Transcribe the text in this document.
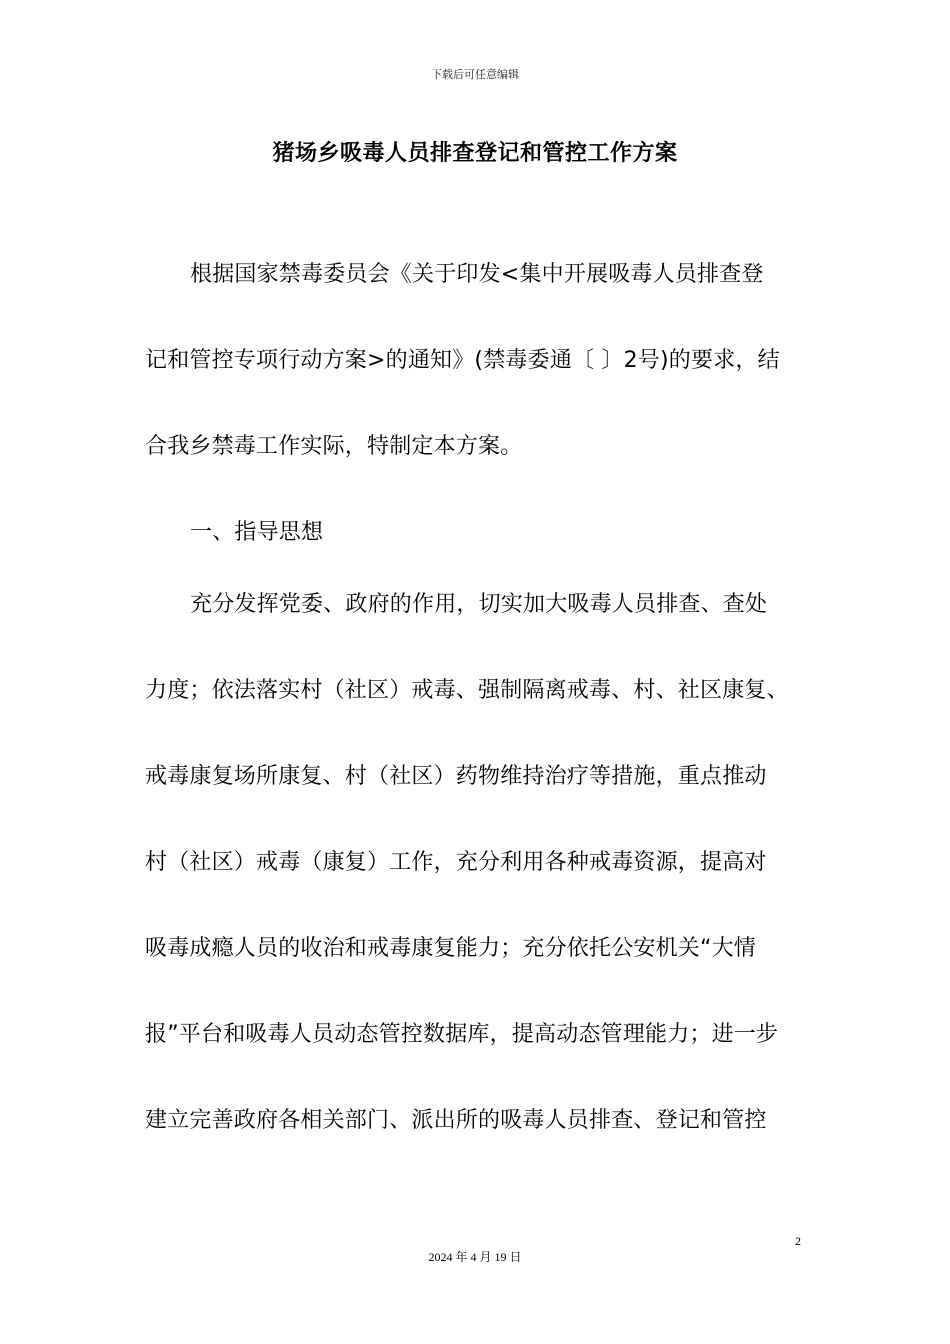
下载后可任意编辑
猪场乡吸毒人员排查登记和管控工作方案
根据国家禁毒委员会《关于印发<集中开展吸毒人员排查登
记和管控专项行动方案>的通知》(禁毒委通〔 〕2号)的要求，结
合我乡禁毒工作实际，特制定本方案。
一、指导思想
充分发挥党委、政府的作用，切实加大吸毒人员排查、查处
力度；依法落实村（社区）戒毒、强制隔离戒毒、村、社区康复、
戒毒康复场所康复、村（社区）药物维持治疗等措施，重点推动
村（社区）戒毒（康复）工作，充分利用各种戒毒资源，提高对
吸毒成瘾人员的收治和戒毒康复能力；充分依托公安机关“大情
报”平台和吸毒人员动态管控数据库，提高动态管理能力；进一步
建立完善政府各相关部门、派出所的吸毒人员排查、登记和管控
2
2024 年 4 月 19 日
